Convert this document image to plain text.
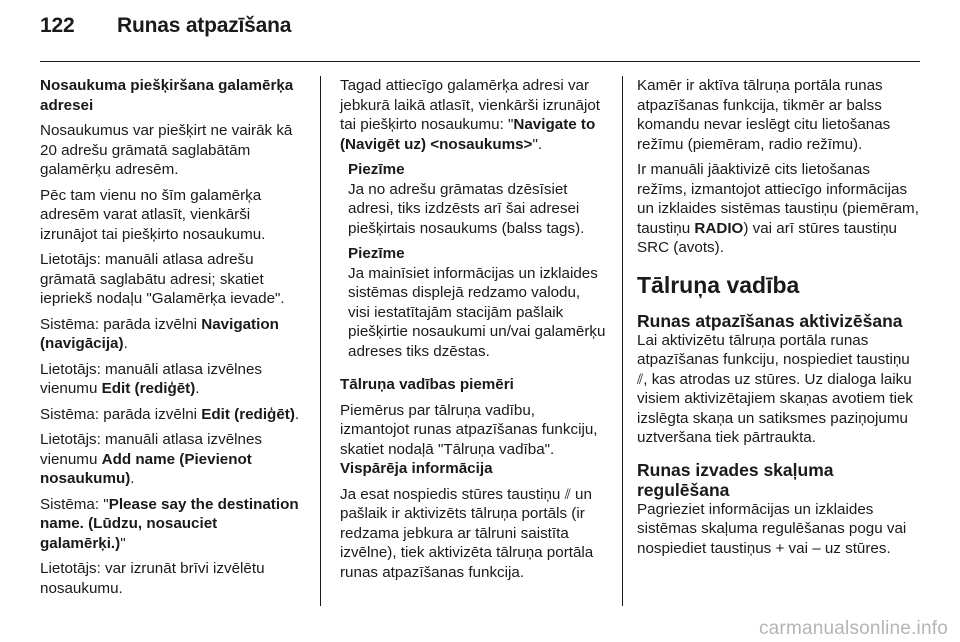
122 Runas atpazīšana

Nosaukuma piešķiršana galamērķa adresei

Nosaukumus var piešķirt ne vairāk kā 20 adrešu grāmatā saglabātām galamērķu adresēm.

Pēc tam vienu no šīm galamērķa adresēm varat atlasīt, vienkārši izrunājot tai piešķirto nosaukumu.

Lietotājs: manuāli atlasa adrešu grāmatā saglabātu adresi; skatiet iepriekš nodaļu "Galamērķa ievade".

Sistēma: parāda izvēlni Navigation (navigācija).

Lietotājs: manuāli atlasa izvēlnes vienumu Edit (rediģēt).

Sistēma: parāda izvēlni Edit (rediģēt).

Lietotājs: manuāli atlasa izvēlnes vienumu Add name (Pievienot nosaukumu).

Sistēma: "Please say the destination name. (Lūdzu, nosauciet galamērķi.)"

Lietotājs: var izrunāt brīvi izvēlētu nosaukumu.

Tagad attiecīgo galamērķa adresi var jebkurā laikā atlasīt, vienkārši izrunājot tai piešķirto nosaukumu: "Navigate to (Navigēt uz) <nosaukums>".

Piezīme

Ja no adrešu grāmatas dzēsīsiet adresi, tiks izdzēsts arī šai adresei piešķirtais nosaukums (balss tags).

Piezīme

Ja mainīsiet informācijas un izklaides sistēmas displejā redzamo valodu, visi iestatītajām stacijām pašlaik piešķirtie nosaukumi un/vai galamērķu adreses tiks dzēstas.

Tālruņa vadības piemēri

Piemērus par tālruņa vadību, izmantojot runas atpazīšanas funkciju, skatiet nodaļā "Tālruņa vadība".

Vispārēja informācija

Ja esat nospiedis stūres taustiņu ⫽ un pašlaik ir aktivizēts tālruņa portāls (ir redzama jebkura ar tālruni saistīta izvēlne), tiek aktivizēta tālruņa portāla runas atpazīšanas funkcija.

Kamēr ir aktīva tālruņa portāla runas atpazīšanas funkcija, tikmēr ar balss komandu nevar ieslēgt citu lietošanas režīmu (piemēram, radio režīmu).

Ir manuāli jāaktivizē cits lietošanas režīms, izmantojot attiecīgo informācijas un izklaides sistēmas taustiņu (piemēram, taustiņu RADIO) vai arī stūres taustiņu SRC (avots).

Tālruņa vadība
Runas atpazīšanas aktivizēšana

Lai aktivizētu tālruņa portāla runas atpazīšanas funkciju, nospiediet taustiņu ⫽, kas atrodas uz stūres. Uz dialoga laiku visiem aktivizētajiem skaņas avotiem tiek izslēgta skaņa un satiksmes paziņojumu uztveršana tiek pārtraukta.

Runas izvades skaļuma regulēšana

Pagrieziet informācijas un izklaides sistēmas skaļuma regulēšanas pogu vai nospiediet taustiņus + vai – uz stūres.

carmanualsonline.info
